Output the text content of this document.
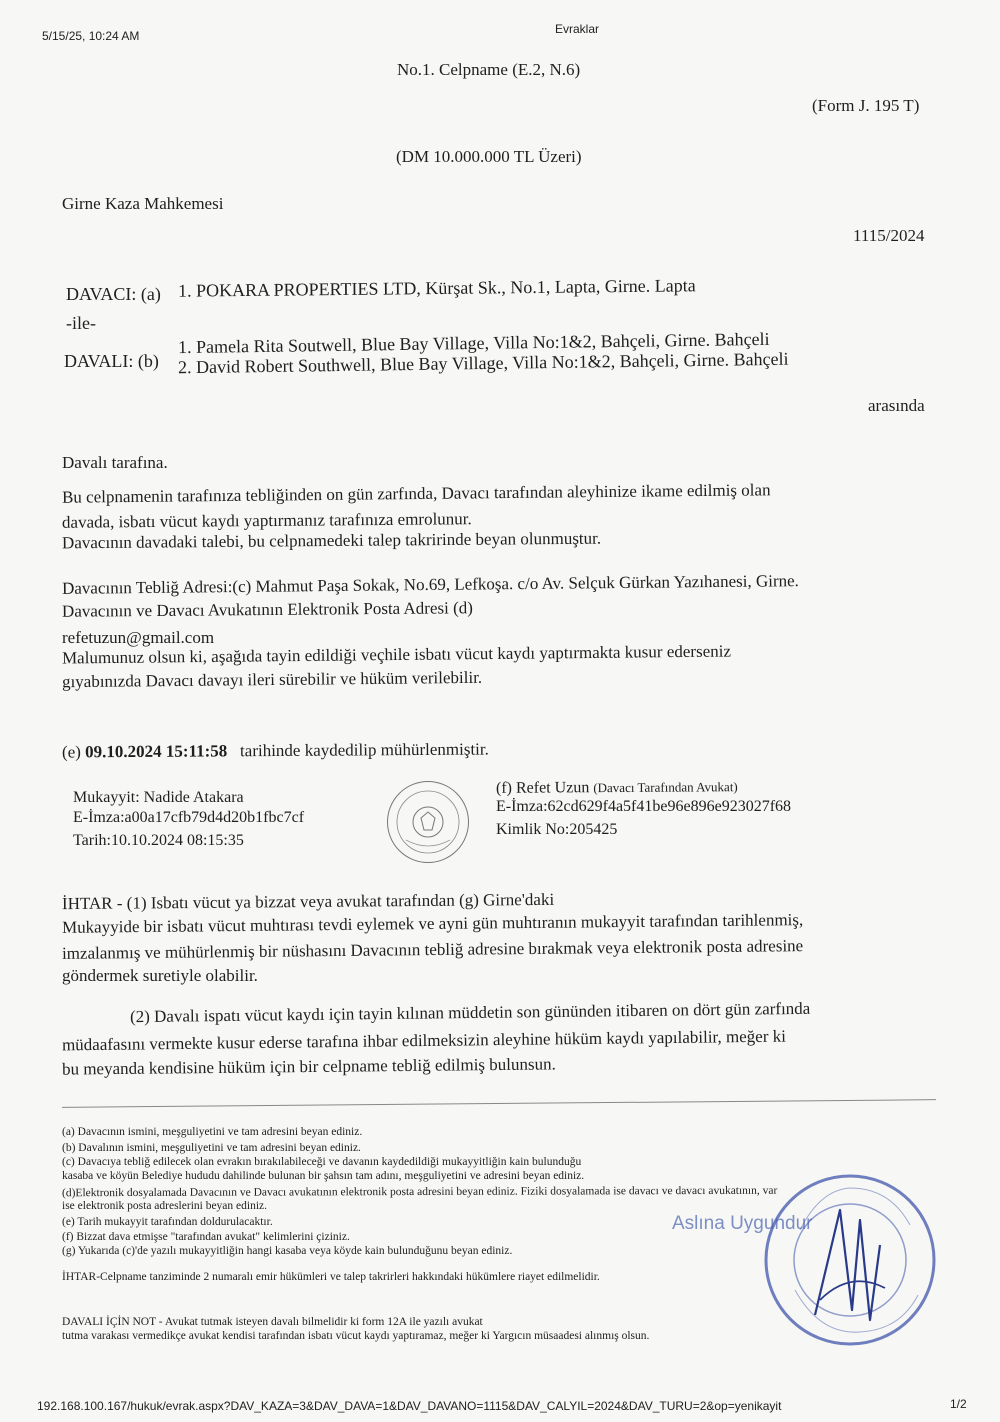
5/15/25, 10:24 AM	Evraklar
No.1. Celpname (E.2, N.6)
(Form J. 195 T)
(DM 10.000.000 TL Üzeri)
Girne Kaza Mahkemesi
1115/2024
DAVACI: (a) 1. POKARA PROPERTIES LTD, Kürşat Sk., No.1, Lapta, Girne. Lapta
-ile-
DAVALI: (b)
1. Pamela Rita Soutwell, Blue Bay Village, Villa No:1&2, Bahçeli, Girne. Bahçeli
2. David Robert Southwell, Blue Bay Village, Villa No:1&2, Bahçeli, Girne. Bahçeli
arasında
Davalı tarafına.
Bu celpnamenin tarafınıza tebliğinden on gün zarfında, Davacı tarafından aleyhinize ikame edilmiş olan
davada, isbatı vücut kaydı yaptırmanız tarafınıza emrolunur.
Davacının davadaki talebi, bu celpnamedeki talep takririnde beyan olunmuştur.
Davacının Tebliğ Adresi:(c) Mahmut Paşa Sokak, No.69, Lefkoşa. c/o Av. Selçuk Gürkan Yazıhanesi, Girne.
Davacının ve Davacı Avukatının Elektronik Posta Adresi (d)
refetuzun@gmail.com
Malumunuz olsun ki, aşağıda tayin edildiği veçhile isbatı vücut kaydı yaptırmakta kusur ederseniz
gıyabınızda Davacı davayı ileri sürebilir ve hüküm verilebilir.
(e) 09.10.2024 15:11:58 tarihinde kaydedilip mühürlenmiştir.
Mukayyit: Nadide Atakara
E-İmza:a00a17cfb79d4d20b1fbc7cf
Tarih:10.10.2024 08:15:35
(f) Refet Uzun (Davacı Tarafından Avukat)
E-İmza:62cd629f4a5f41be96e896e923027f68
Kimlik No:205425
İHTAR - (1) Isbatı vücut ya bizzat veya avukat tarafından (g) Girne'daki
Mukayyide bir isbatı vücut muhtırası tevdi eylemek ve ayni gün muhtıranın mukayyit tarafından tarihlenmiş,
imzalanmış ve mühürlenmiş bir nüshasını Davacının tebliğ adresine bırakmak veya elektronik posta adresine
göndermek suretiyle olabilir.
(2) Davalı ispatı vücut kaydı için tayin kılınan müddetin son gününden itibaren on dört gün zarfında
müdaafasını vermekte kusur ederse tarafına ihbar edilmeksizin aleyhine hüküm kaydı yapılabilir, meğer ki
bu meyanda kendisine hüküm için bir celpname tebliğ edilmiş bulunsun.
(a) Davacının ismini, meşguliyetini ve tam adresini beyan ediniz.
(b) Davalının ismini, meşguliyetini ve tam adresini beyan ediniz.
(c) Davacıya tebliğ edilecek olan evrakın bırakılabileceği ve davanın kaydedildiği mukayyitliğin kain bulunduğu
kasaba ve köyün Belediye hududu dahilinde bulunan bir şahsın tam adını, meşguliyetini ve adresini beyan ediniz.
(d)Elektronik dosyalamada Davacının ve Davacı avukatının elektronik posta adresini beyan ediniz. Fiziki dosyalamada ise davacı ve davacı avukatının, var
ise elektronik posta adreslerini beyan ediniz.
(e) Tarih mukayyit tarafından doldurulacaktır.
(f) Bizzat dava etmişse "tarafından avukat" kelimlerini çiziniz.
(g) Yukarıda (c)'de yazılı mukayyitliğin hangi kasaba veya köyde kain bulunduğunu beyan ediniz.
İHTAR-Celpname tanziminde 2 numaralı emir hükümleri ve talep takrirleri hakkındaki hükümlere riayet edilmelidir.
DAVALI İÇİN NOT - Avukat tutmak isteyen davalı bilmelidir ki form 12A ile yazılı avukat
tutma varakası vermedikçe avukat kendisi tarafından isbatı vücut kaydı yaptıramaz, meğer ki Yargıcın müsaadesi alınmış olsun.
Aslına Uygundur
192.168.100.167/hukuk/evrak.aspx?DAV_KAZA=3&DAV_DAVA=1&DAV_DAVANO=1115&DAV_CALYIL=2024&DAV_TURU=2&op=yenikayit	1/2
